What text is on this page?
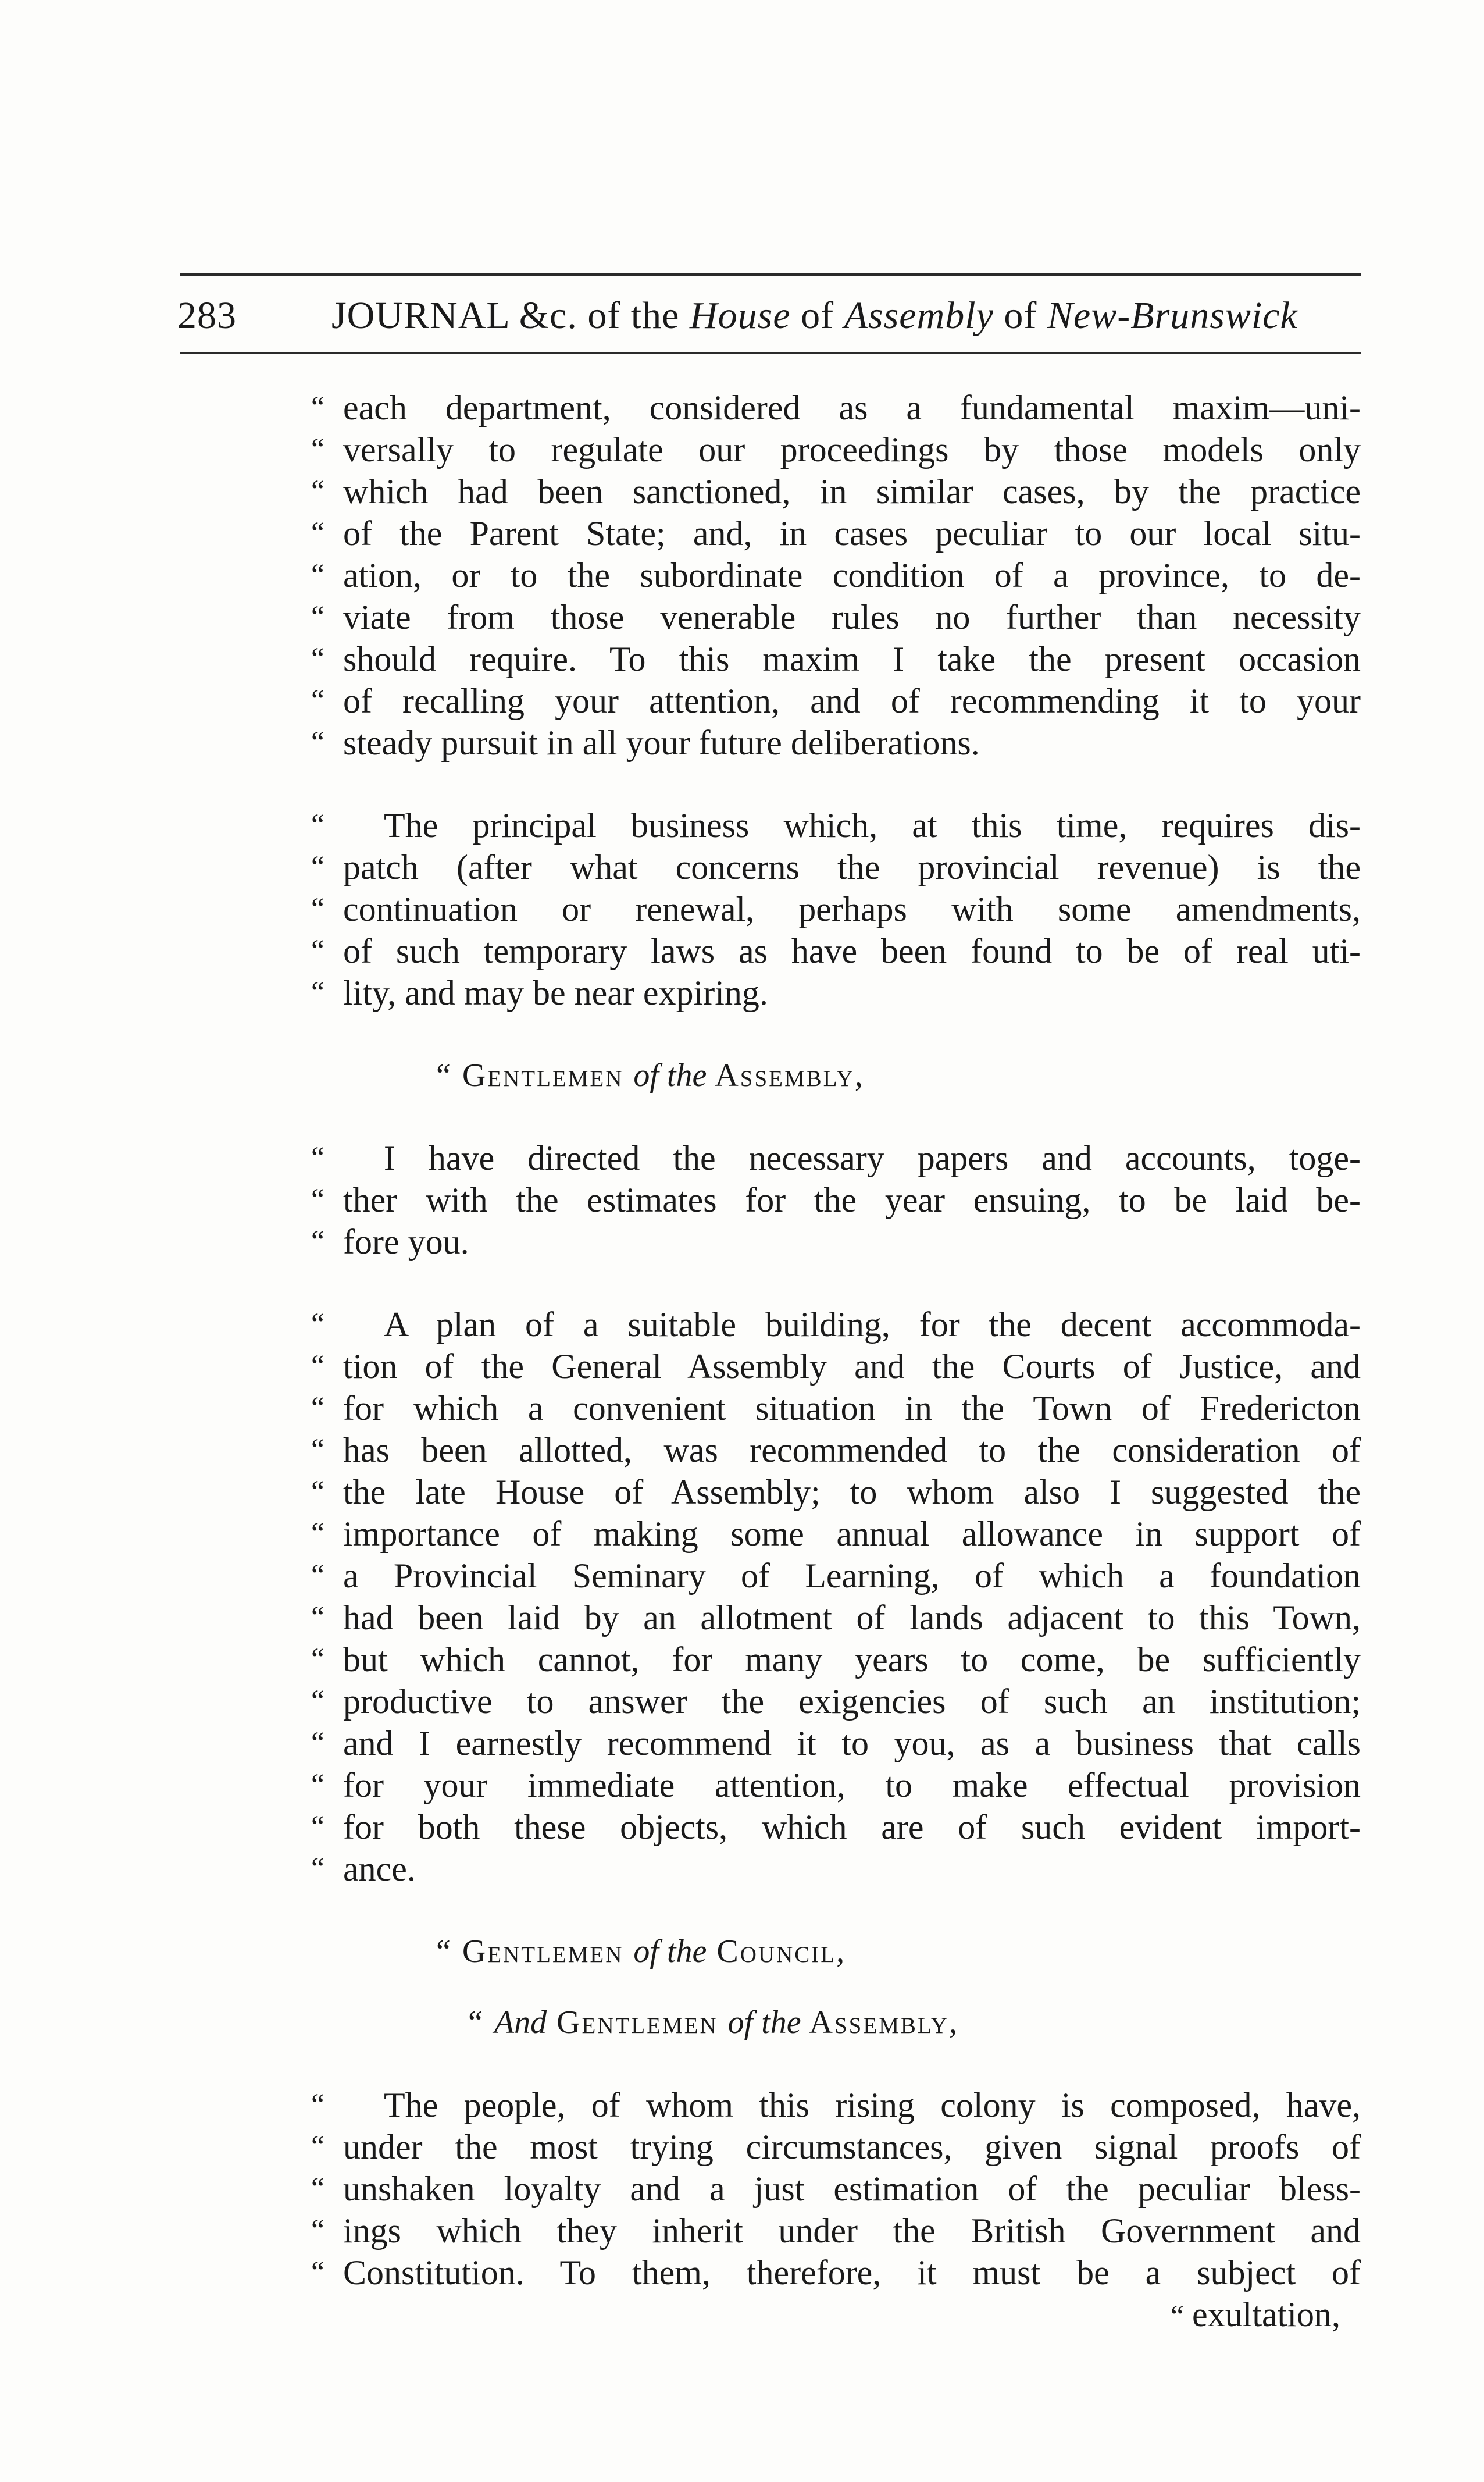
283 JOURNAL &c. of the House of Assembly of New-Brunswick
“ each department, considered as a fundamental maxim—uni-
“ versally to regulate our proceedings by those models only
“ which had been sanctioned, in similar cases, by the practice
“ of the Parent State; and, in cases peculiar to our local situ-
“ ation, or to the subordinate condition of a province, to de-
“ viate from those venerable rules no further than necessity
“ should require. To this maxim I take the present occasion
“ of recalling your attention, and of recommending it to your
“ steady pursuit in all your future deliberations.
“ The principal business which, at this time, requires dis-
“ patch (after what concerns the provincial revenue) is the
“ continuation or renewal, perhaps with some amendments,
“ of such temporary laws as have been found to be of real uti-
“ lity, and may be near expiring.
“ Gentlemen of the Assembly,
“ I have directed the necessary papers and accounts, toge-
“ ther with the estimates for the year ensuing, to be laid be-
“ fore you.
“ A plan of a suitable building, for the decent accommoda-
“ tion of the General Assembly and the Courts of Justice, and
“ for which a convenient situation in the Town of Fredericton
“ has been allotted, was recommended to the consideration of
“ the late House of Assembly; to whom also I suggested the
“ importance of making some annual allowance in support of
“ a Provincial Seminary of Learning, of which a foundation
“ had been laid by an allotment of lands adjacent to this Town,
“ but which cannot, for many years to come, be sufficiently
“ productive to answer the exigencies of such an institution;
“ and I earnestly recommend it to you, as a business that calls
“ for your immediate attention, to make effectual provision
“ for both these objects, which are of such evident import-
“ ance.
“ Gentlemen of the Council,
“ And Gentlemen of the Assembly,
“ The people, of whom this rising colony is composed, have,
“ under the most trying circumstances, given signal proofs of
“ unshaken loyalty and a just estimation of the peculiar bless-
“ ings which they inherit under the British Government and
“ Constitution. To them, therefore, it must be a subject of
“ exultation,
